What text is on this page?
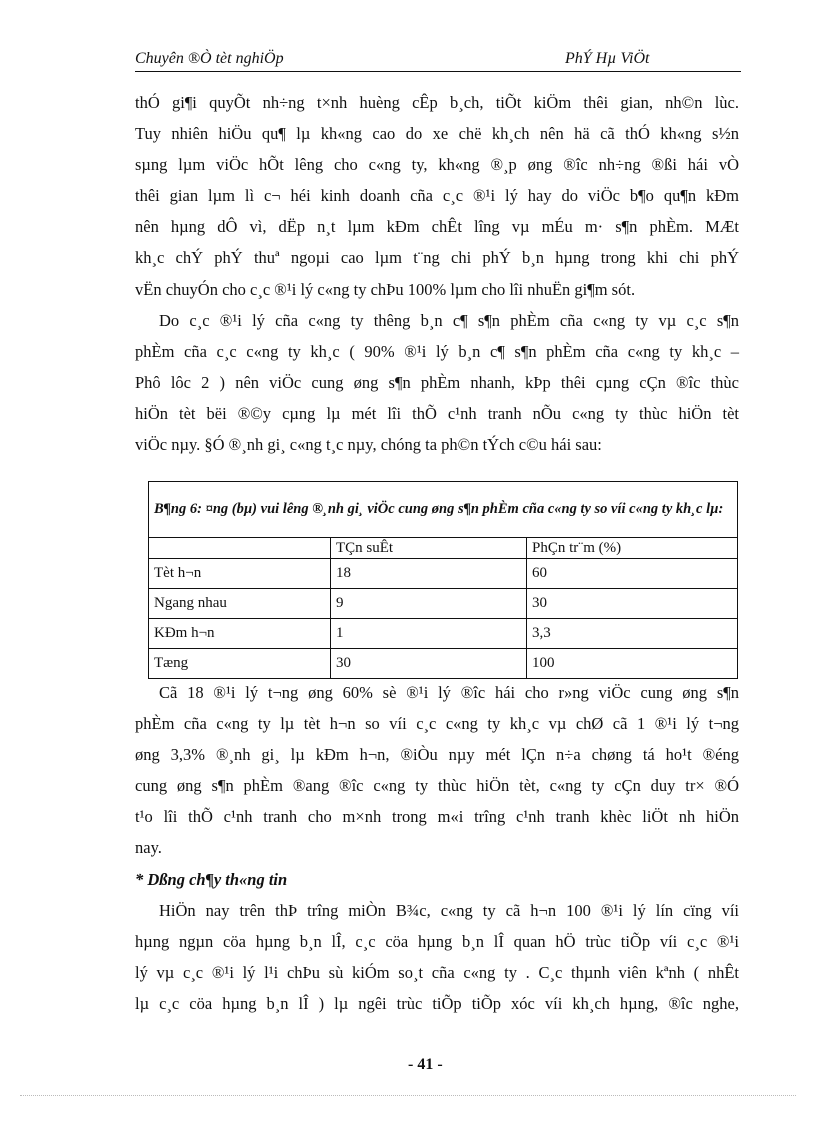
Chuyên ®Ò tèt nghiÖp	PhÝ Hµ ViÖt
thÓ gi¶i quyÕt nh÷ng t×nh huèng cÊp b¸ch, tiÕt kiÖm thêi gian, nh©n lùc.
Tuy nhiên hiÖu qu¶ lµ kh«ng cao do xe chë kh¸ch nên hä cã thÓ kh«ng s½n
sµng lµm viÖc hÕt lêng cho c«ng ty, kh«ng ®¸p øng ®îc nh÷ng ®ßi hái vÒ
thêi gian lµm lì c¬ héi kinh doanh cña c¸c ®¹i lý hay do viÖc b¶o qu¶n kÐm
nên hµng dÔ vì, dËp n¸t lµm kÐm chÊt lîng vµ mÉu m· s¶n phÈm. MÆt
kh¸c chÝ phÝ thuª ngoµi cao lµm t¨ng chi phÝ b¸n hµng trong khi chi phÝ
vËn chuyÓn cho c¸c ®¹i lý c«ng ty chÞu 100% lµm cho lîi nhuËn gi¶m sót.
Do c¸c ®¹i lý cña c«ng ty thêng b¸n c¶ s¶n phÈm cña c«ng ty vµ c¸c s¶n
phÈm cña c¸c c«ng ty kh¸c ( 90% ®¹i lý b¸n c¶ s¶n phÈm cña c«ng ty kh¸c –
Phô lôc 2 ) nên viÖc cung øng s¶n phÈm nhanh, kÞp thêi cµng cÇn ®îc thùc
hiÖn tèt bëi ®©y cµng lµ mét lîi thÕ c¹nh tranh nÕu c«ng ty thùc hiÖn tèt
viÖc nµy. §Ó ®¸nh gi¸ c«ng t¸c nµy, chóng ta ph©n tÝch c©u hái sau:
B¶ng 6: ¤ng (bµ) vui lêng ®¸nh gi¸ viÖc cung øng s¶n phÈm cña c«ng ty so víi c«ng ty kh¸c lµ:		
	TÇn suÊt	PhÇn tr¨m (%)
Tèt h¬n	18	60
Ngang nhau	9	30
KÐm h¬n	1	3,3
Tæng	30	100
Cã 18 ®¹i lý t¬ng øng 60% sè ®¹i lý ®îc hái cho r»ng viÖc cung øng s¶n
phÈm cña c«ng ty lµ tèt h¬n so víi c¸c c«ng ty kh¸c vµ chØ cã 1 ®¹i lý t¬ng
øng 3,3% ®¸nh gi¸ lµ kÐm h¬n, ®iÒu nµy mét lÇn n÷a chøng tá ho¹t ®éng
cung øng s¶n phÈm ®ang ®îc c«ng ty thùc hiÖn tèt, c«ng ty cÇn duy tr× ®Ó
t¹o lîi thÕ c¹nh tranh cho m×nh trong m«i trîng c¹nh tranh khèc liÖt nh hiÖn
nay.
* Dßng ch¶y th«ng tin
HiÖn nay trên thÞ trîng miÒn B¾c, c«ng ty cã h¬n 100 ®¹i lý lín cïng víi
hµng ngµn cöa hµng b¸n lÎ, c¸c cöa hµng b¸n lÎ quan hÖ trùc tiÕp víi c¸c ®¹i
lý vµ c¸c ®¹i lý l¹i chÞu sù kiÓm so¸t cña c«ng ty . C¸c thµnh viên kªnh ( nhÊt
lµ c¸c cöa hµng b¸n lÎ ) lµ ngêi trùc tiÕp tiÕp xóc víi kh¸ch hµng, ®îc nghe,
- 41 -
